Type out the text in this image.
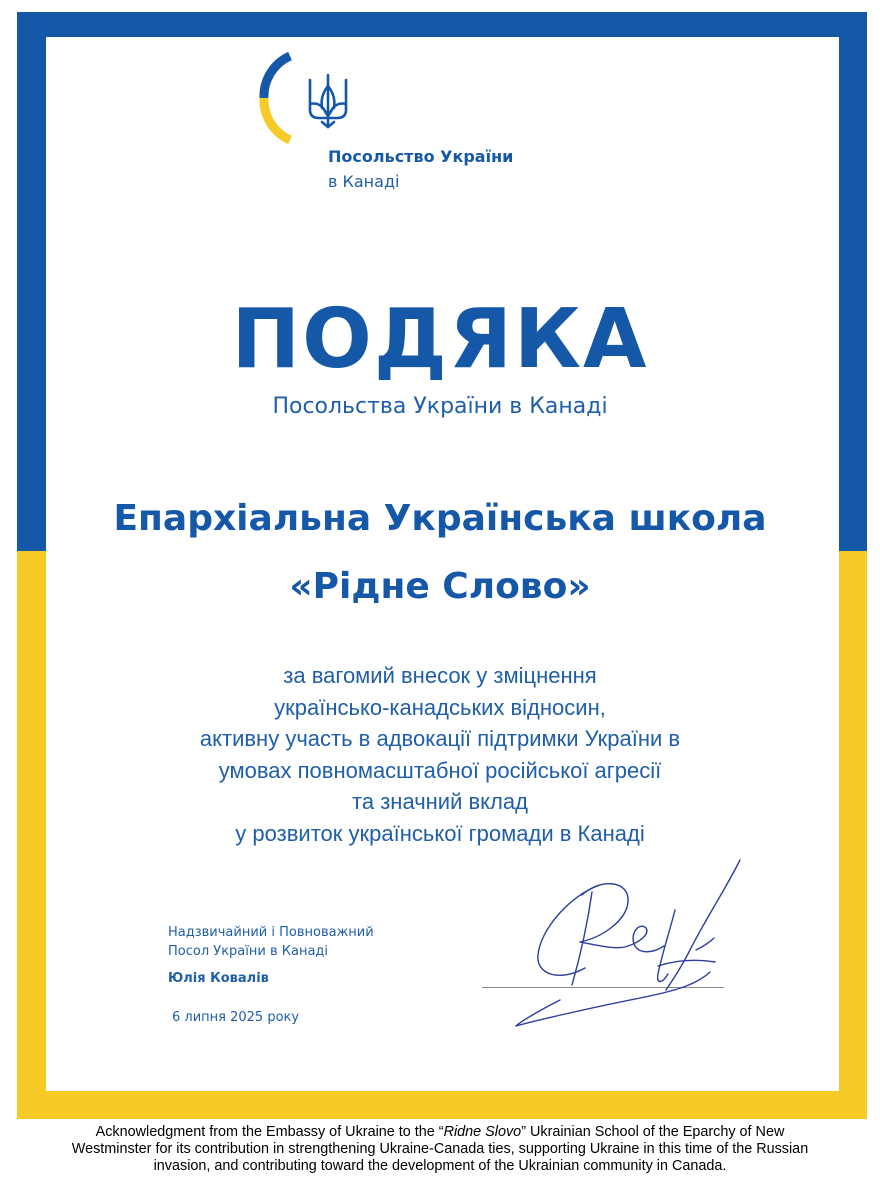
Посольство України
в Канаді
ПОДЯКА
Посольства України в Канаді
Епархіальна Українська школа
«Рідне Слово»
за вагомий внесок у зміцнення
українсько-канадських відносин,
активну участь в адвокації підтримки України в
умовах повномасштабної російської агресії
та значний вклад
у розвиток української громади в Канаді
Надзвичайний і Повноважний
Посол України в Канаді
Юлія Ковалів
6 липня 2025 року
Acknowledgment from the Embassy of Ukraine to the “Ridne Slovo” Ukrainian School of the Eparchy of New
Westminster for its contribution in strengthening Ukraine-Canada ties, supporting Ukraine in this time of the Russian
invasion, and contributing toward the development of the Ukrainian community in Canada.
